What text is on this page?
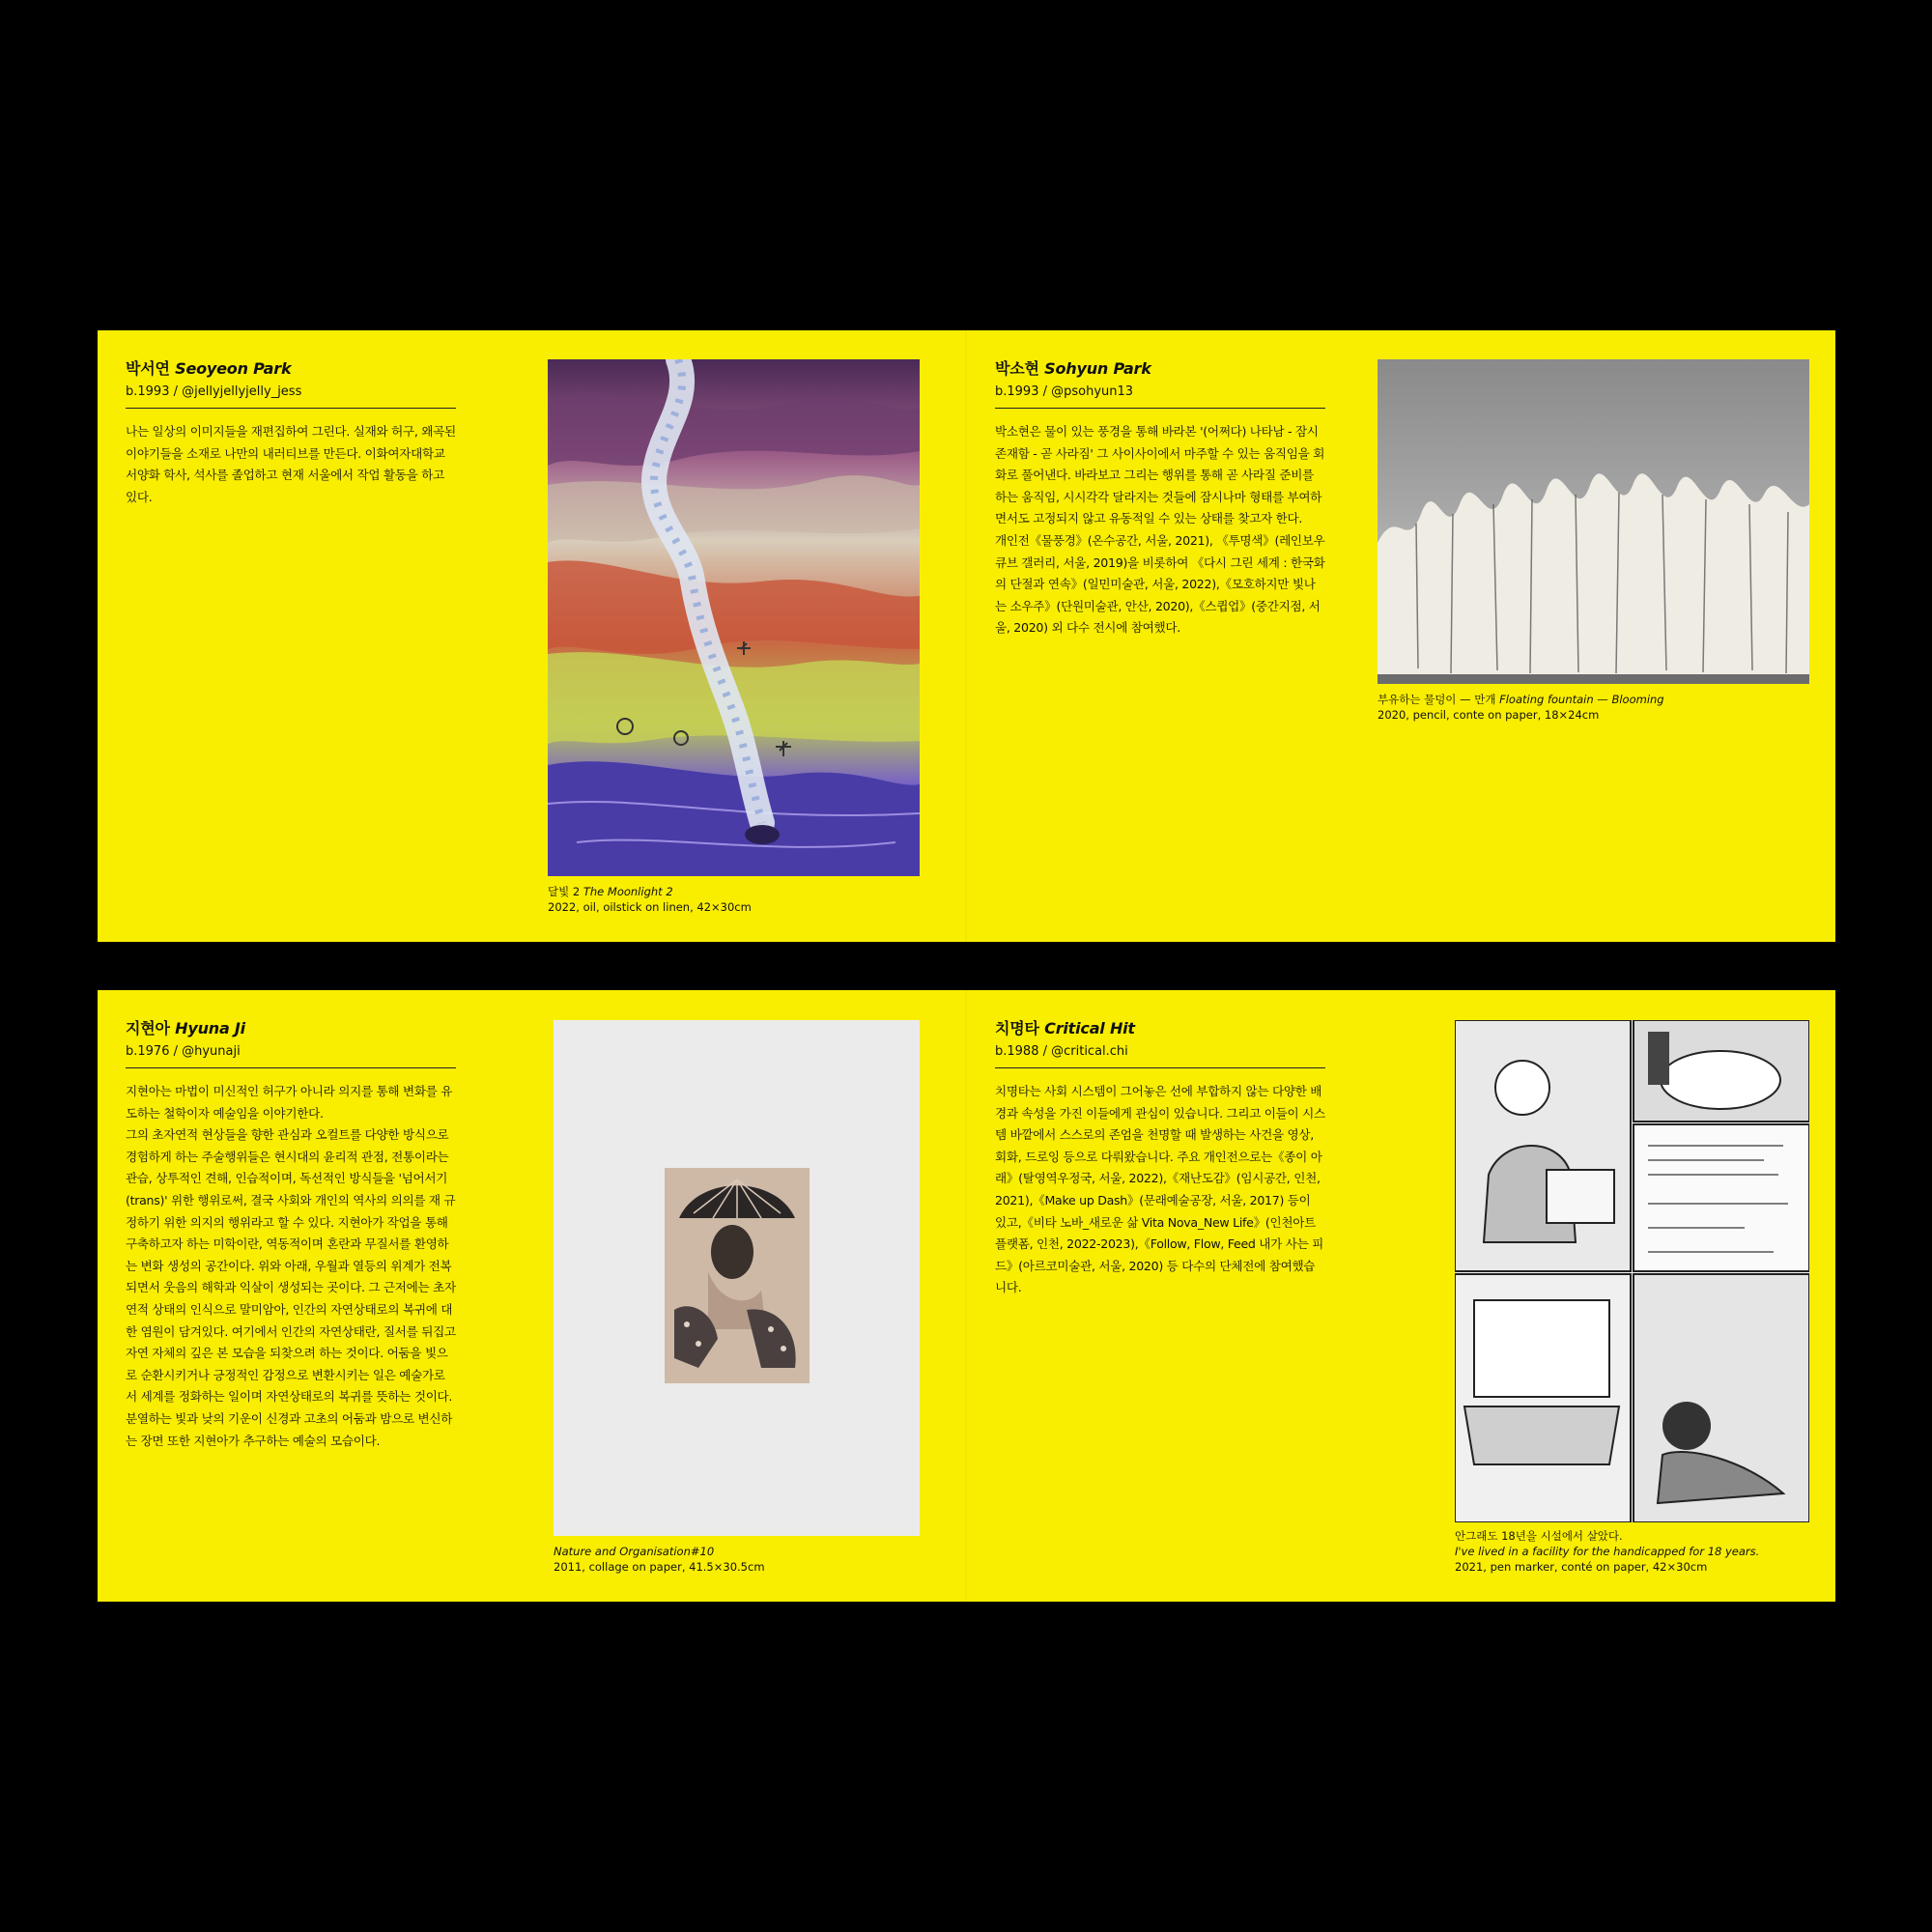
박서연 Seoyeon Park
b.1993 / @jellyjellyjelly_jess

나는 일상의 이미지들을 재편집하여 그린다. 실재와 허구, 왜곡된 이야기들을 소재로 나만의 내러티브를 만든다. 이화여자대학교 서양화 학사, 석사를 졸업하고 현재 서울에서 작업 활동을 하고 있다.

달빛 2 The Moonlight 2
2022, oil, oilstick on linen, 42×30cm
박소현 Sohyun Park
b.1993 / @psohyun13

박소현은 물이 있는 풍경을 통해 바라본 '(어쩌다) 나타남 - 잠시 존재함 - 곧 사라짐' 그 사이사이에서 마주할 수 있는 움직임을 회화로 풀어낸다. 바라보고 그리는 행위를 통해 곧 사라질 준비를 하는 움직임, 시시각각 달라지는 것들에 잠시나마 형태를 부여하면서도 고정되지 않고 유동적일 수 있는 상태를 찾고자 한다.

개인전《물풍경》(온수공간, 서울, 2021), 《투명색》(레인보우큐브 갤러리, 서울, 2019)을 비롯하여 《다시 그린 세계 : 한국화의 단절과 연속》(일민미술관, 서울, 2022),《모호하지만 빛나는 소우주》(단원미술관, 안산, 2020),《스큅업》(중간지점, 서울, 2020) 외 다수 전시에 참여했다.

부유하는 물덩이 — 만개 Floating fountain — Blooming
2020, pencil, conte on paper, 18×24cm
지현아 Hyuna Ji
b.1976 / @hyunaji

지현아는 마법이 미신적인 허구가 아니라 의지를 통해 변화를 유도하는 철학이자 예술임을 이야기한다.

그의 초자연적 현상들을 향한 관심과 오컬트를 다양한 방식으로 경험하게 하는 주술행위들은 현시대의 윤리적 관점, 전통이라는 관습, 상투적인 견해, 인습적이며, 독선적인 방식들을 '넘어서기(trans)' 위한 행위로써, 결국 사회와 개인의 역사의 의의를 재 규정하기 위한 의지의 행위라고 할 수 있다. 지현아가 작업을 통해 구축하고자 하는 미학이란, 역동적이며 혼란과 무질서를 환영하는 변화 생성의 공간이다. 위와 아래, 우월과 열등의 위계가 전복되면서 웃음의 해학과 익살이 생성되는 곳이다. 그 근저에는 초자연적 상태의 인식으로 말미암아, 인간의 자연상태로의 복귀에 대한 염원이 담겨있다. 여기에서 인간의 자연상태란, 질서를 뒤집고 자연 자체의 깊은 본 모습을 되찾으려 하는 것이다. 어둠을 빛으로 순환시키거나 긍정적인 감정으로 변환시키는 일은 예술가로서 세계를 정화하는 일이며 자연상태로의 복귀를 뜻하는 것이다. 분열하는 빛과 낮의 기운이 신경과 고초의 어둠과 밤으로 변신하는 장면 또한 지현아가 추구하는 예술의 모습이다.

Nature and Organisation#10
2011, collage on paper, 41.5×30.5cm
치명타 Critical Hit
b.1988 / @critical.chi

치명타는 사회 시스템이 그어놓은 선에 부합하지 않는 다양한 배경과 속성을 가진 이들에게 관심이 있습니다. 그리고 이들이 시스템 바깥에서 스스로의 존엄을 천명할 때 발생하는 사건을 영상, 회화, 드로잉 등으로 다뤄왔습니다. 주요 개인전으로는《종이 아래》(탈영역우정국, 서울, 2022),《재난도감》(임시공간, 인천, 2021),《Make up Dash》(문래예술공장, 서울, 2017) 등이 있고,《비타 노바_새로운 삶 Vita Nova_New Life》(인천아트플랫폼, 인천, 2022-2023),《Follow, Flow, Feed 내가 사는 피드》(아르코미술관, 서울, 2020) 등 다수의 단체전에 참여했습니다.

안그래도 18년을 시설에서 살았다.
I've lived in a facility for the handicapped for 18 years.
2021, pen marker, conté on paper, 42×30cm
